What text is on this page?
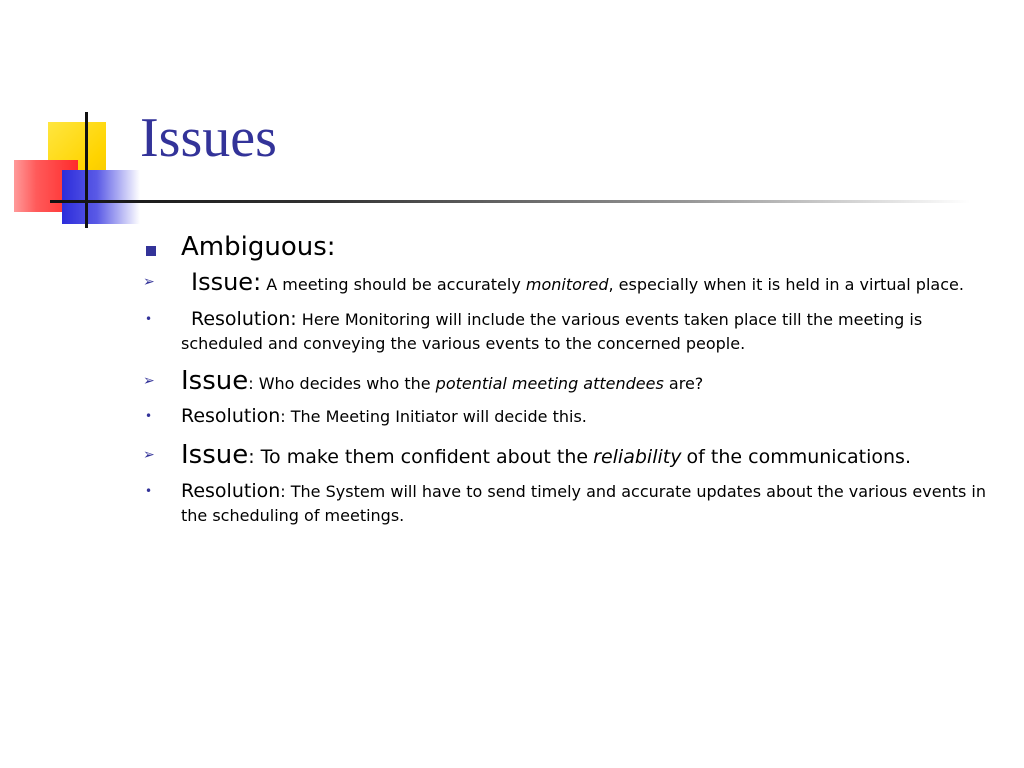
Issues
Ambiguous:
➢ Issue: A meeting should be accurately monitored, especially when it is held in a virtual place.
• Resolution: Here Monitoring will include the various events taken place till the meeting is scheduled and conveying the various events to the concerned people.
➢ Issue: Who decides who the potential meeting attendees are?
• Resolution: The Meeting Initiator will decide this.
➢ Issue: To make them confident about the reliability of the communications.
• Resolution: The System will have to send timely and accurate updates about the various events in the scheduling of meetings.
